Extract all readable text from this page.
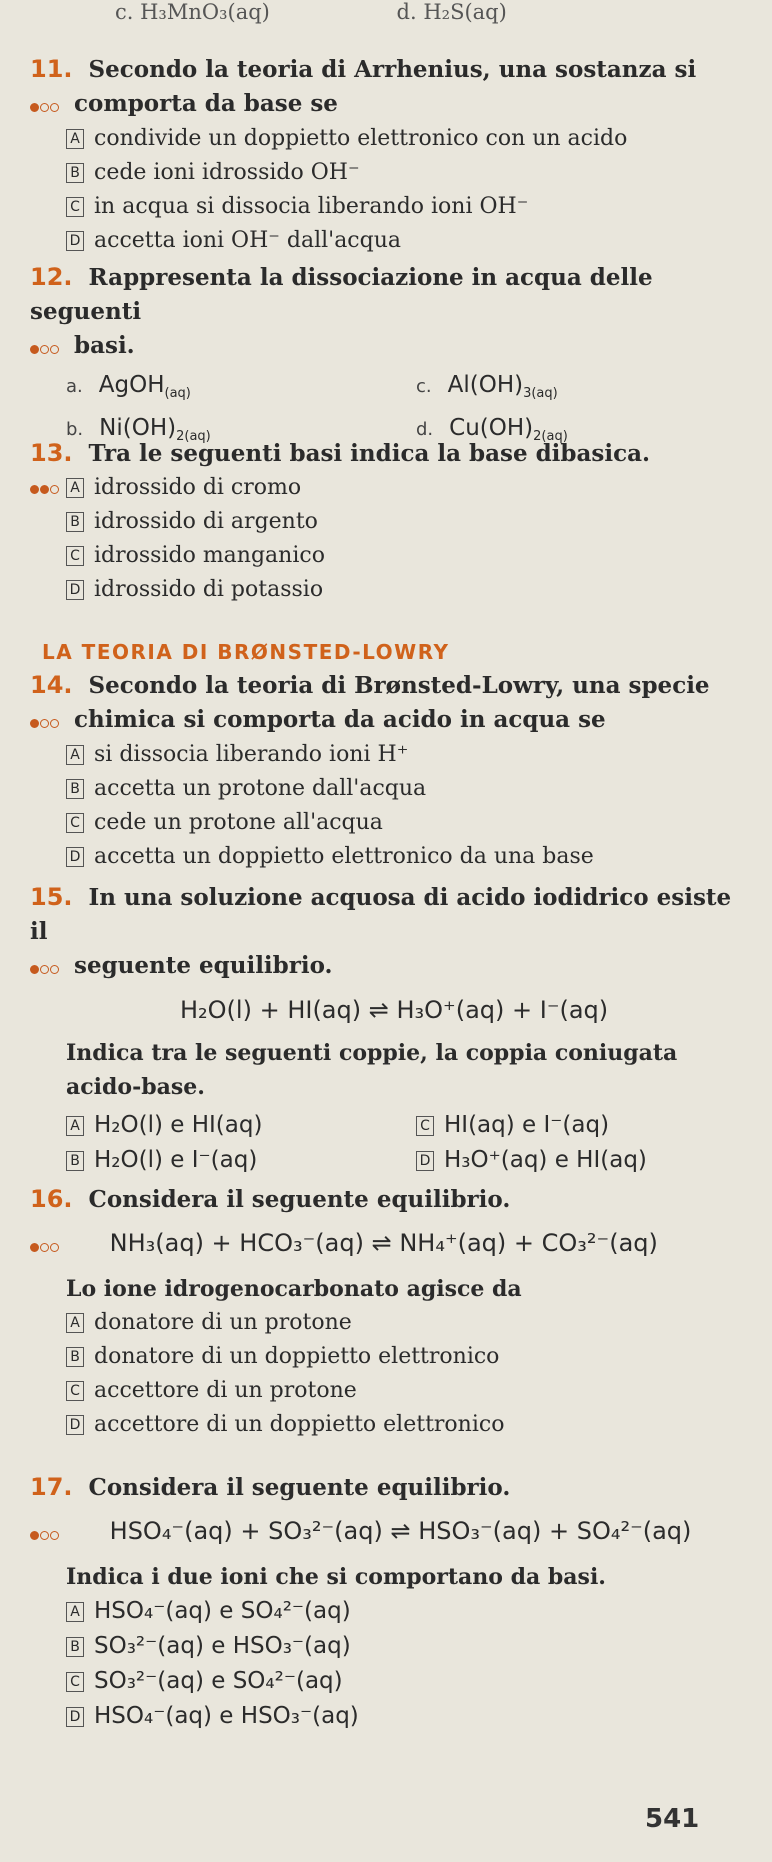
c. H₃MnO₃(aq)	d. H₂S(aq)
11. Secondo la teoria di Arrhenius, una sostanza si
comporta da base se
A condivide un doppietto elettronico con un acido
B cede ioni idrossido OH⁻
C in acqua si dissocia liberando ioni OH⁻
D accetta ioni OH⁻ dall'acqua
12. Rappresenta la dissociazione in acqua delle seguenti
basi.
a. AgOH$_{(aq)}$	c. $Al(OH)_{3(aq)}$
b. $Ni(OH)_{2(aq)}$	d. $Cu(OH)_{2(aq)}$
13. Tra le seguenti basi indica la base dibasica.
A idrossido di cromo
B idrossido di argento
C idrossido manganico
D idrossido di potassio
LA TEORIA DI BRØNSTED-LOWRY
14. Secondo la teoria di Brønsted-Lowry, una specie
chimica si comporta da acido in acqua se
A si dissocia liberando ioni H⁺
B accetta un protone dall'acqua
C cede un protone all'acqua
D accetta un doppietto elettronico da una base
15. In una soluzione acquosa di acido iodidrico esiste il
seguente equilibrio.
H₂O(l) + HI(aq) ⇌ H₃O⁺(aq) + I⁻(aq)
Indica tra le seguenti coppie, la coppia coniugata
acido-base.
A H₂O(l) e HI(aq)	C HI(aq) e I⁻(aq)
B H₂O(l) e I⁻(aq)	D H₃O⁺(aq) e HI(aq)
16. Considera il seguente equilibrio.
NH₃(aq) + HCO₃⁻(aq) ⇌ NH₄⁺(aq) + CO₃²⁻(aq)
Lo ione idrogenocarbonato agisce da
A donatore di un protone
B donatore di un doppietto elettronico
C accettore di un protone
D accettore di un doppietto elettronico
17. Considera il seguente equilibrio.
HSO₄⁻(aq) + SO₃²⁻(aq) ⇌ HSO₃⁻(aq) + SO₄²⁻(aq)
Indica i due ioni che si comportano da basi.
A HSO₄⁻(aq) e SO₄²⁻(aq)
B SO₃²⁻(aq) e HSO₃⁻(aq)
C SO₃²⁻(aq) e SO₄²⁻(aq)
D HSO₄⁻(aq) e HSO₃⁻(aq)
541
